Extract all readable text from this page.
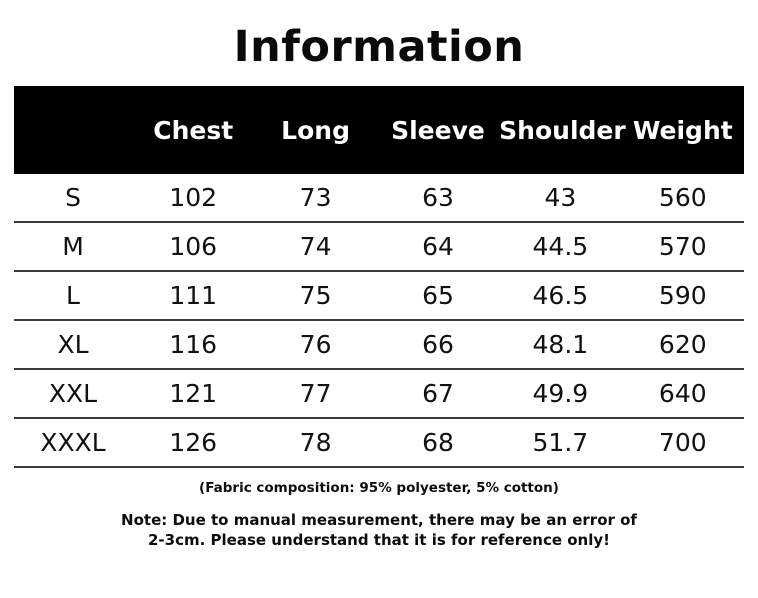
Information
	Chest	Long	Sleeve	Shoulder	Weight
S	102	73	63	43	560
M	106	74	64	44.5	570
L	111	75	65	46.5	590
XL	116	76	66	48.1	620
XXL	121	77	67	49.9	640
XXXL	126	78	68	51.7	700
(Fabric composition: 95% polyester, 5% cotton)
Note: Due to manual measurement, there may be an error of
2-3cm. Please understand that it is for reference only!
